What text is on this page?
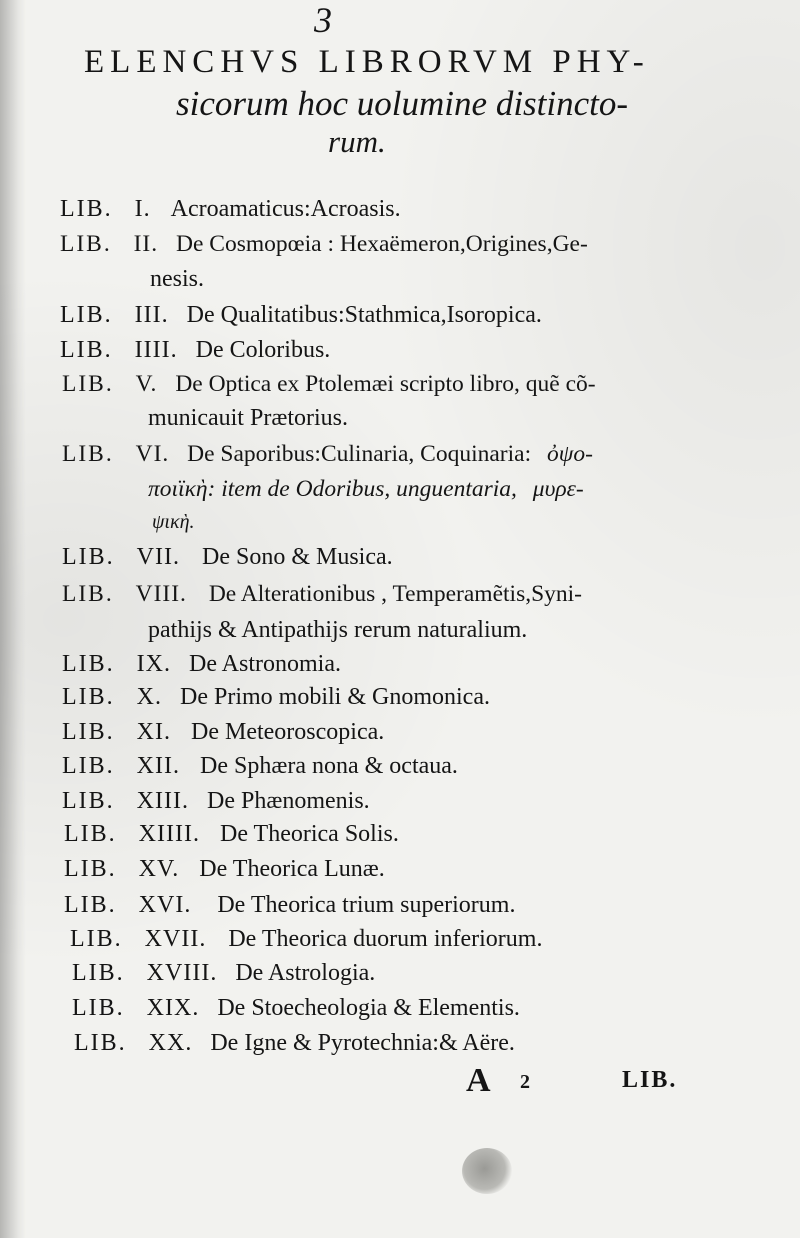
3
ELENCHVS LIBRORVM PHY-
sicorum hoc uolumine distincto-
rum.
LIB. I. Acroamaticus:Acroasis.
LIB. II. De Cosmopœia : Hexaëmeron,Origines,Ge-
nesis.
LIB. III. De Qualitatibus:Stathmica,Isoropica.
LIB. IIII. De Coloribus.
LIB. V. De Optica ex Ptolemæi scripto libro, quẽ cõ-
municauit Prætorius.
LIB. VI. De Saporibus:Culinaria, Coquinaria: ὀψο-
ποιϊκὴ: item de Odoribus, unguentaria, μυρε-
ψικὴ.
LIB. VII. De Sono & Musica.
LIB. VIII. De Alterationibus , Temperamẽtis,Syni-
pathijs & Antipathijs rerum naturalium.
LIB. IX. De Astronomia.
LIB. X. De Primo mobili & Gnomonica.
LIB. XI. De Meteoroscopica.
LIB. XII. De Sphæra nona & octaua.
LIB. XIII. De Phænomenis.
LIB. XIIII. De Theorica Solis.
LIB. XV. De Theorica Lunæ.
LIB. XVI. De Theorica trium superiorum.
LIB. XVII. De Theorica duorum inferiorum.
LIB. XVIII. De Astrologia.
LIB. XIX. De Stoecheologia & Elementis.
LIB. XX. De Igne & Pyrotechnia:& Aëre.
A 2	LIB.
